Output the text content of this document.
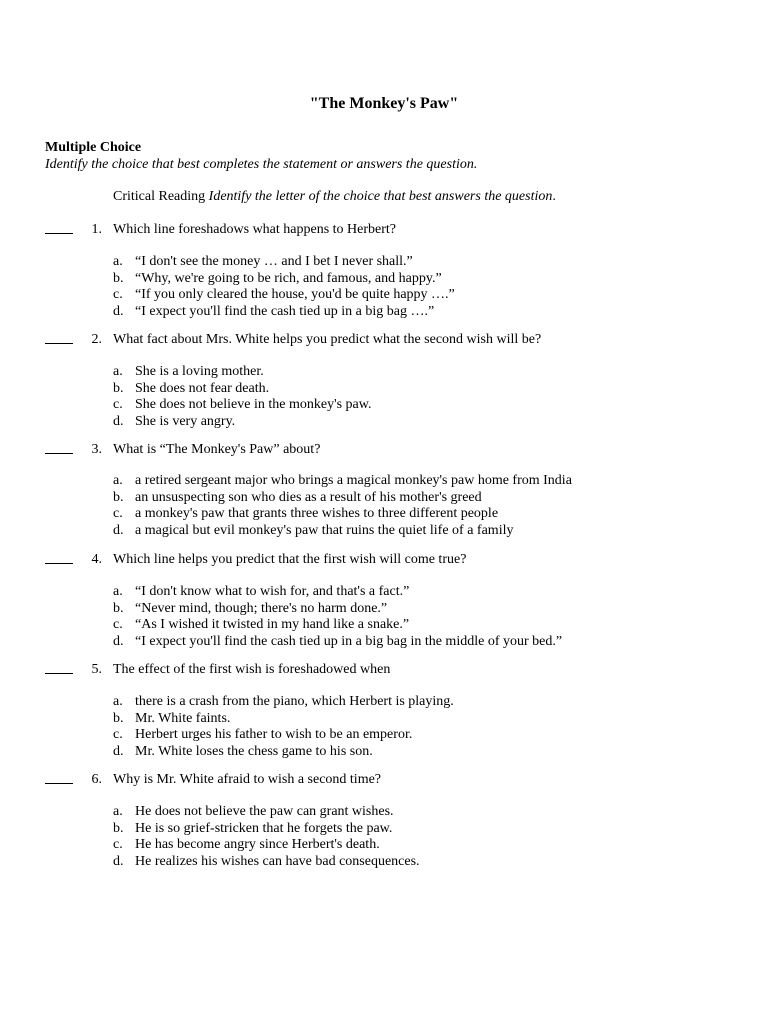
"The Monkey's Paw"
Multiple Choice
Identify the choice that best completes the statement or answers the question.
Critical Reading Identify the letter of the choice that best answers the question.
1. Which line foreshadows what happens to Herbert?
a. “I don't see the money … and I bet I never shall.”
b. “Why, we're going to be rich, and famous, and happy.”
c. “If you only cleared the house, you'd be quite happy ….”
d. “I expect you'll find the cash tied up in a big bag ….”
2. What fact about Mrs. White helps you predict what the second wish will be?
a. She is a loving mother.
b. She does not fear death.
c. She does not believe in the monkey's paw.
d. She is very angry.
3. What is “The Monkey's Paw” about?
a. a retired sergeant major who brings a magical monkey's paw home from India
b. an unsuspecting son who dies as a result of his mother's greed
c. a monkey's paw that grants three wishes to three different people
d. a magical but evil monkey's paw that ruins the quiet life of a family
4. Which line helps you predict that the first wish will come true?
a. “I don't know what to wish for, and that's a fact.”
b. “Never mind, though; there's no harm done.”
c. “As I wished it twisted in my hand like a snake.”
d. “I expect you'll find the cash tied up in a big bag in the middle of your bed.”
5. The effect of the first wish is foreshadowed when
a. there is a crash from the piano, which Herbert is playing.
b. Mr. White faints.
c. Herbert urges his father to wish to be an emperor.
d. Mr. White loses the chess game to his son.
6. Why is Mr. White afraid to wish a second time?
a. He does not believe the paw can grant wishes.
b. He is so grief-stricken that he forgets the paw.
c. He has become angry since Herbert's death.
d. He realizes his wishes can have bad consequences.
